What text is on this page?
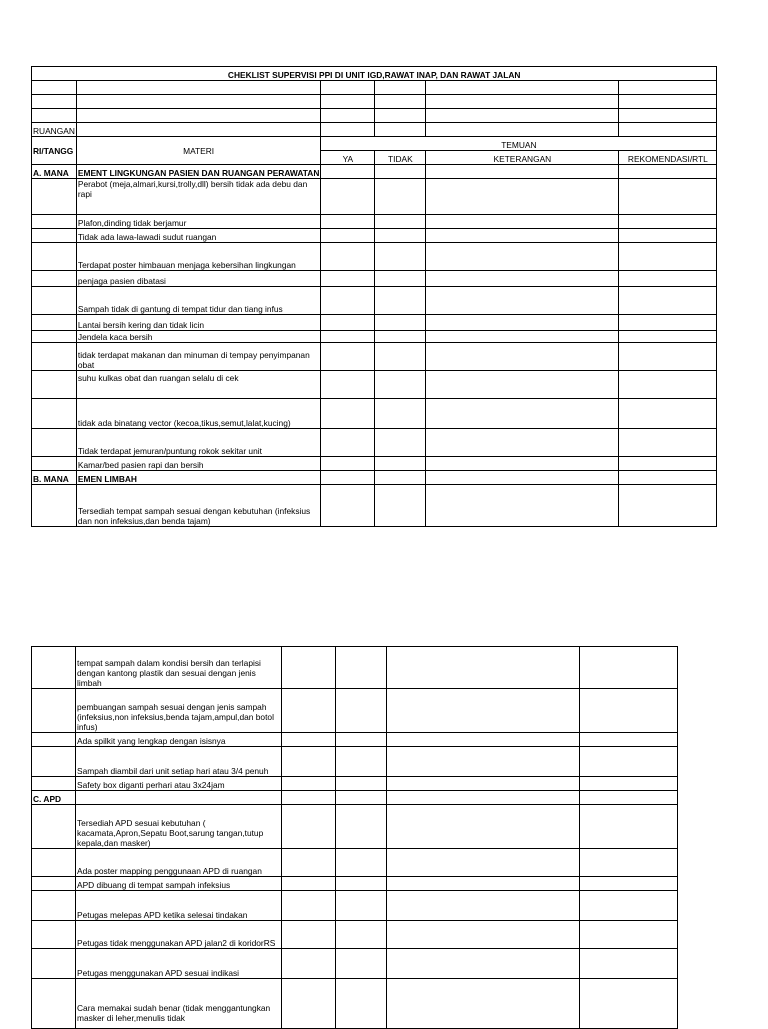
CHEKLIST SUPERVISI PPI DI UNIT IGD,RAWAT INAP, DAN RAWAT JALAN					

RUANGAN					
RI/TANGG	MATERI	TEMUAN			
		YA	TIDAK	KETERANGAN	REKOMENDASI/RTL
A. MANA	EMENT LINGKUNGAN PASIEN DAN RUANGAN PERAWATAN				
	Perabot (meja,almari,kursi,trolly,dll) bersih tidak ada debu dan rapi				
	Plafon,dinding tidak berjamur				
	Tidak ada lawa-lawadi sudut ruangan				
	Terdapat poster himbauan menjaga kebersihan lingkungan				
	penjaga pasien dibatasi				
	Sampah tidak di gantung di tempat tidur dan tiang infus				
	Lantai bersih kering dan tidak licin				
	Jendela kaca bersih				
	tidak terdapat makanan dan minuman di tempay penyimpanan obat				
	suhu kulkas obat dan ruangan selalu di cek				
	tidak ada binatang vector (kecoa,tikus,semut,lalat,kucing)				
	Tidak terdapat jemuran/puntung rokok sekitar unit				
	Kamar/bed pasien rapi dan bersih				
B. MANA	EMEN LIMBAH				
	Tersediah tempat sampah sesuai dengan kebutuhan (infeksius dan non infeksius,dan benda tajam)				
	tempat sampah dalam kondisi bersih dan terlapisi dengan kantong plastik dan sesuai dengan jenis limbah				
	pembuangan sampah sesuai dengan jenis sampah (infeksius,non infeksius,benda tajam,ampul,dan botol infus)				
	Ada spilkit yang lengkap dengan isisnya				
	Sampah diambil dari unit setiap hari atau 3/4 penuh				
	Safety box diganti perhari atau 3x24jam				
C. APD					
	Tersediah APD sesuai kebutuhan ( kacamata,Apron,Sepatu Boot,sarung tangan,tutup kepala,dan masker)				
	Ada poster mapping penggunaan APD di ruangan				
	APD dibuang di tempat sampah infeksius				
	Petugas melepas APD ketika selesai tindakan				
	Petugas tidak menggunakan APD jalan2 di koridorRS				
	Petugas menggunakan APD sesuai indikasi				
	Cara memakai sudah benar (tidak menggantungkan masker di leher,menulis tidak				
